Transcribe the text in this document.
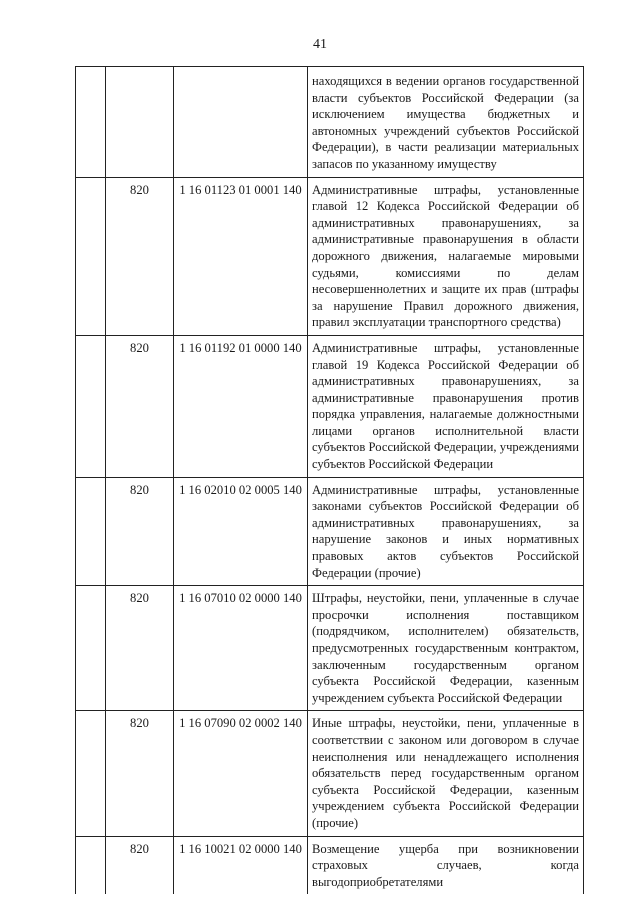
41
			находящихся в ведении органов государственной власти субъектов Российской Федерации (за исключением имущества бюджетных и автономных учреждений субъектов Российской Федерации), в части реализации материальных запасов по указанному имуществу
	820	1 16 01123 01 0001 140	Административные штрафы, установленные главой 12 Кодекса Российской Федерации об административных правонарушениях, за административные правонарушения в области дорожного движения, налагаемые мировыми судьями, комиссиями по делам несовершеннолетних и защите их прав (штрафы за нарушение Правил дорожного движения, правил эксплуатации транспортного средства)
	820	1 16 01192 01 0000 140	Административные штрафы, установленные главой 19 Кодекса Российской Федерации об административных правонарушениях, за административные правонарушения против порядка управления, налагаемые должностными лицами органов исполнительной власти субъектов Российской Федерации, учреждениями субъектов Российской Федерации
	820	1 16 02010 02 0005 140	Административные штрафы, установленные законами субъектов Российской Федерации об административных правонарушениях, за нарушение законов и иных нормативных правовых актов субъектов Российской Федерации (прочие)
	820	1 16 07010 02 0000 140	Штрафы, неустойки, пени, уплаченные в случае просрочки исполнения поставщиком (подрядчиком, исполнителем) обязательств, предусмотренных государственным контрактом, заключенным государственным органом субъекта Российской Федерации, казенным учреждением субъекта Российской Федерации
	820	1 16 07090 02 0002 140	Иные штрафы, неустойки, пени, уплаченные в соответствии с законом или договором в случае неисполнения или ненадлежащего исполнения обязательств перед государственным органом субъекта Российской Федерации, казенным учреждением субъекта Российской Федерации (прочие)
	820	1 16 10021 02 0000 140	Возмещение ущерба при возникновении страховых случаев, когда выгодоприобретателями
